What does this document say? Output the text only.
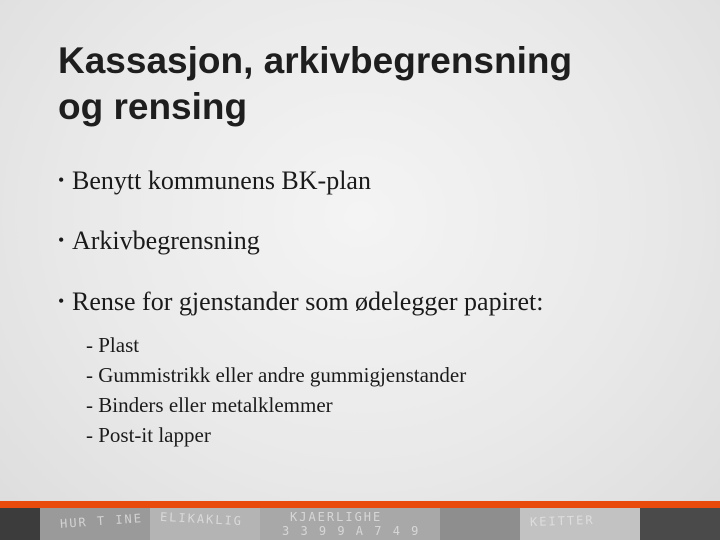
Kassasjon, arkivbegrensning
og rensing
• Benytt kommunens BK-plan
• Arkivbegrensning
• Rense for gjenstander som ødelegger papiret:
- Plast
- Gummistrikk eller andre gummigjenstander
- Binders eller metalklemmer
- Post-it lapper
HUR T INE ELIKAKLIG	KJAERLIGHE
3 3 9 9 A 7 4 9
KEITTER
